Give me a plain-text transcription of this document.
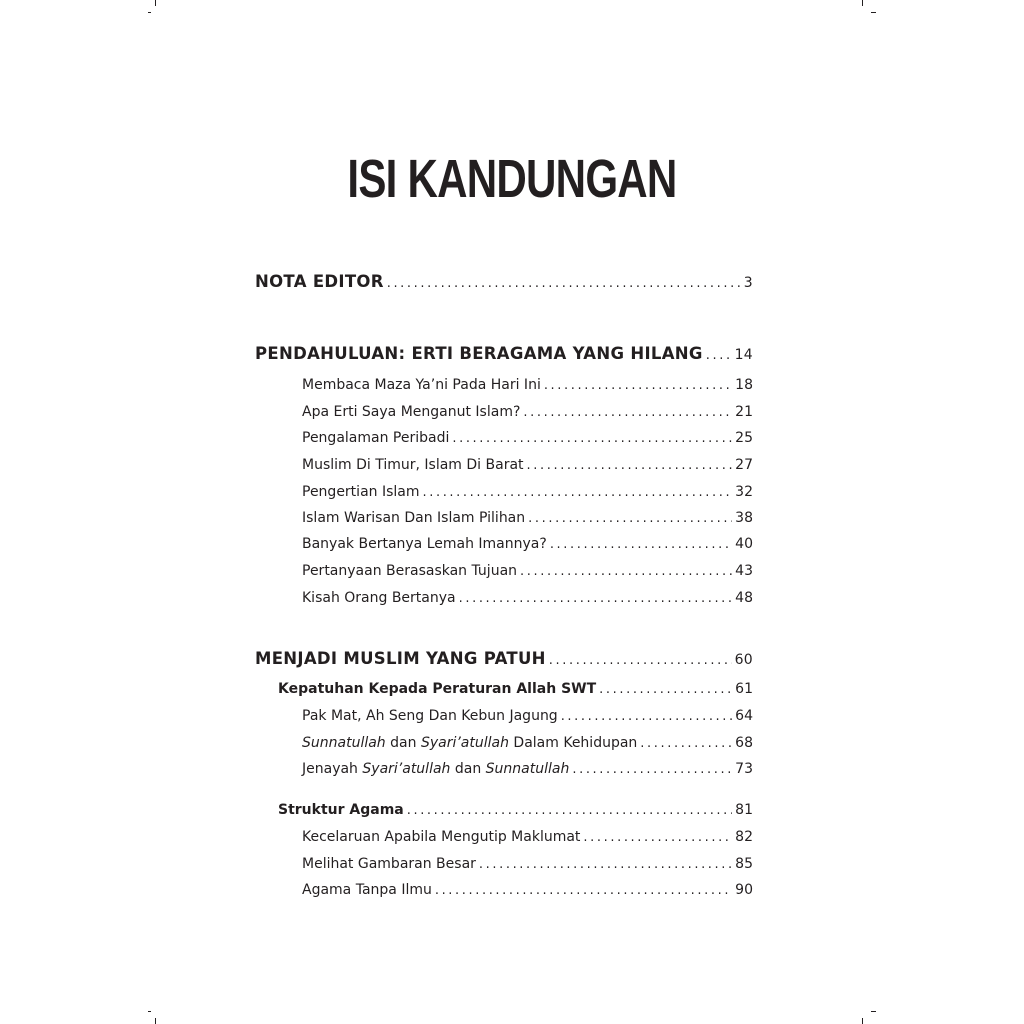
ISI KANDUNGAN
NOTA EDITOR .....	3
PENDAHULUAN: ERTI BERAGAMA YANG HILANG ..... 14
Membaca Maza Ya’ni Pada Hari Ini .....	18
Apa Erti Saya Menganut Islam? .....	21
Pengalaman Peribadi .....	25
Muslim Di Timur, Islam Di Barat .....	27
Pengertian Islam .....	32
Islam Warisan Dan Islam Pilihan .....	38
Banyak Bertanya Lemah Imannya? .....	40
Pertanyaan Berasaskan Tujuan .....	43
Kisah Orang Bertanya .....	48
MENJADI MUSLIM YANG PATUH .....	60
Kepatuhan Kepada Peraturan Allah SWT .....	61
Pak Mat, Ah Seng Dan Kebun Jagung .....	64
Sunnatullah dan Syari’atullah Dalam Kehidupan .....	68
Jenayah Syari’atullah dan Sunnatullah .....	73
Struktur Agama .....	81
Kecelaruan Apabila Mengutip Maklumat .....	82
Melihat Gambaran Besar .....	85
Agama Tanpa Ilmu .....	90
